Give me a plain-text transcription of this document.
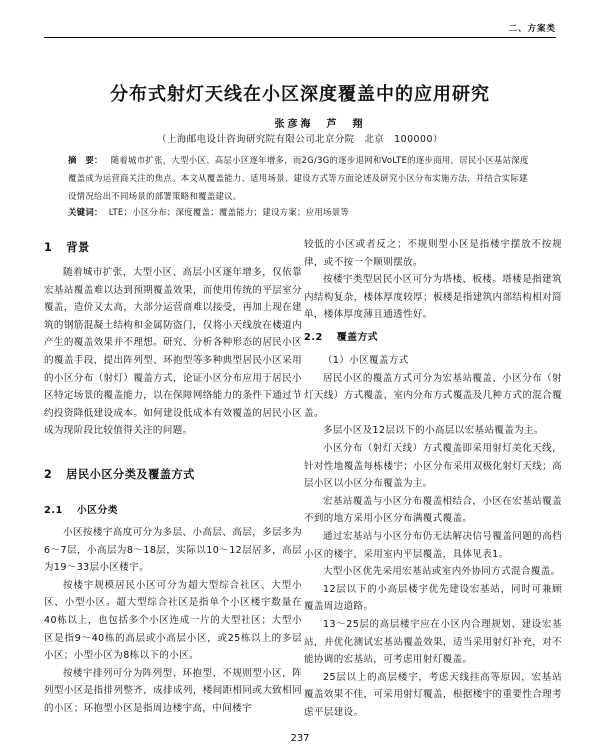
二、方案类
分布式射灯天线在小区深度覆盖中的应用研究
张彦海　芦　翔
（上海邮电设计咨询研究院有限公司北京分院　北京　100000）
摘　要： 随着城市扩张，大型小区、高层小区逐年增多，而2G/3G的逐步退网和VoLTE的逐步商用，居民小区基站深度覆盖成为运营商关注的焦点。本文从覆盖能力、适用场景、建设方式等方面论述及研究小区分布实施方法，并结合实际建设情况给出不同场景的部署策略和覆盖建议。
关键词： LTE；小区分布；深度覆盖；覆盖能力；建设方案；应用场景等
1 背景

随着城市扩张，大型小区、高层小区逐年增多，仅依靠宏基站覆盖难以达到预期覆盖效果，而使用传统的平层室分覆盖，造价又太高，大部分运营商难以接受，再加上现在建筑的钢筋混凝土结构和金属防盗门，仅将小天线放在楼道内产生的覆盖效果并不理想。研究、分析各种形态的居民小区的覆盖手段，提出阵列型、环抱型等多种典型居民小区采用的小区分布（射灯）覆盖方式，论证小区分布应用于居民小区特定场景的覆盖能力，以在保障网络能力的条件下通过节约投资降低建设成本。如何建设低成本有效覆盖的居民小区成为现阶段比较值得关注的问题。

2 居民小区分类及覆盖方式
2.1 小区分类

小区按楼宇高度可分为多层、小高层、高层，多层多为6～7层，小高层为8～18层，实际以10～12层居多，高层为19～33层小区楼宇。

按楼宇规模居民小区可分为超大型综合社区、大型小区、小型小区。超大型综合社区是指单个小区楼宇数量在40栋以上，也包括多个小区连成一片的大型社区；大型小区是指9～40栋的高层或小高层小区，或25栋以上的多层小区；小型小区为8栋以下的小区。

按楼宇排列可分为阵列型、环抱型、不规则型小区，阵列型小区是指排列整齐，成排成列，楼间距相同或大致相同的小区；环抱型小区是指周边楼宇高，中间楼宇

较低的小区或者反之；不规则型小区是指楼宇摆放不按规律，或不按一个顺则摆放。

按楼宇类型居民小区可分为塔楼、板楼。塔楼是指建筑内结构复杂，楼体厚度较厚；板楼是指建筑内部结构相对简单，楼体厚度薄且通透性好。

2.2 覆盖方式

（1）小区覆盖方式

居民小区的覆盖方式可分为宏基站覆盖、小区分布（射灯天线）方式覆盖、室内分布方式覆盖及几种方式的混合覆盖。

多层小区及12层以下的小高层以宏基站覆盖为主。

小区分布（射灯天线）方式覆盖即采用射灯美化天线，针对性地覆盖每栋楼宇；小区分布采用双极化射灯天线；高层小区以小区分布覆盖为主。

宏基站覆盖与小区分布覆盖相结合，小区在宏基站覆盖不到的地方采用小区分布满覆式覆盖。

通过宏基站与小区分布仍无法解决信号覆盖问题的高档小区的楼宇，采用室内平层覆盖，具体见表1。

大型小区优先采用宏基站或室内外协同方式混合覆盖。

12层以下的小高层楼宇优先建设宏基站，同时可兼顾覆盖周边道路。

13～25层的高层楼宇应在小区内合理规划、建设宏基站，并优化测试宏基站覆盖效果，适当采用射灯补充，对不能协调的宏基站，可考虑用射灯覆盖。

25层以上的高层楼宇，考虑天线挂高等原因，宏基站覆盖效果不佳，可采用射灯覆盖，根据楼宇的重要性合理考虑平层建设。

237
